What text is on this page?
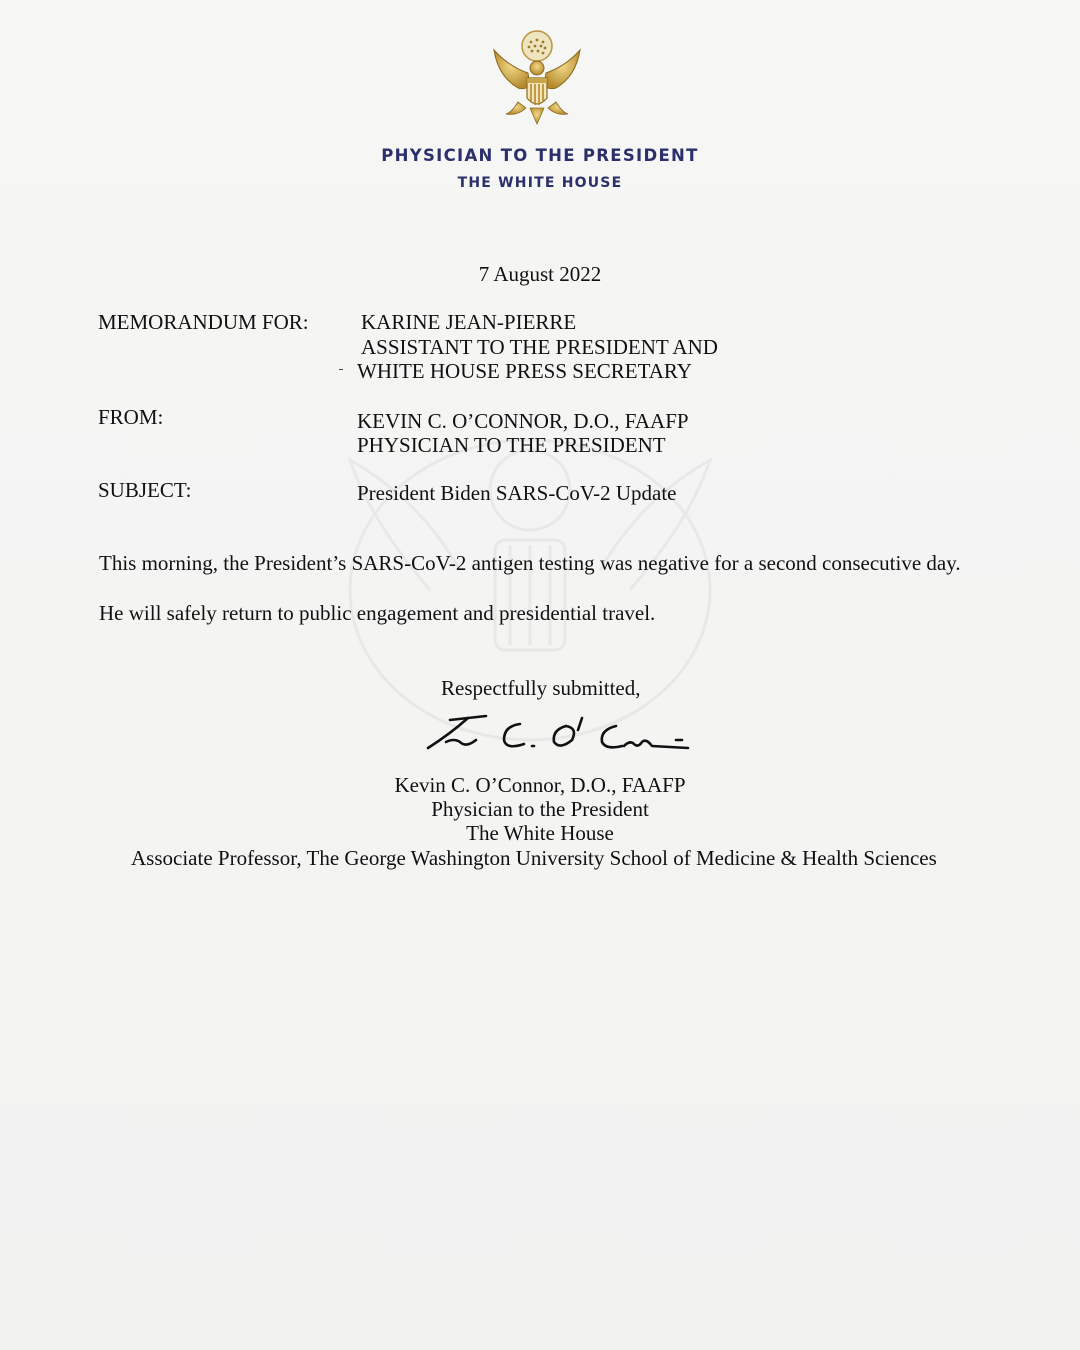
PHYSICIAN TO THE PRESIDENT
THE WHITE HOUSE
7 August 2022
MEMORANDUM FOR: KARINE JEAN-PIERRE
ASSISTANT TO THE PRESIDENT AND
WHITE HOUSE PRESS SECRETARY
FROM:	KEVIN C. O’CONNOR, D.O., FAAFP
PHYSICIAN TO THE PRESIDENT
SUBJECT:	President Biden SARS-CoV-2 Update
This morning, the President’s SARS-CoV-2 antigen testing was negative for a second consecutive day.
He will safely return to public engagement and presidential travel.
Respectfully submitted,
Kevin C. O’Connor, D.O., FAAFP
Physician to the President
The White House
Associate Professor, The George Washington University School of Medicine & Health Sciences
